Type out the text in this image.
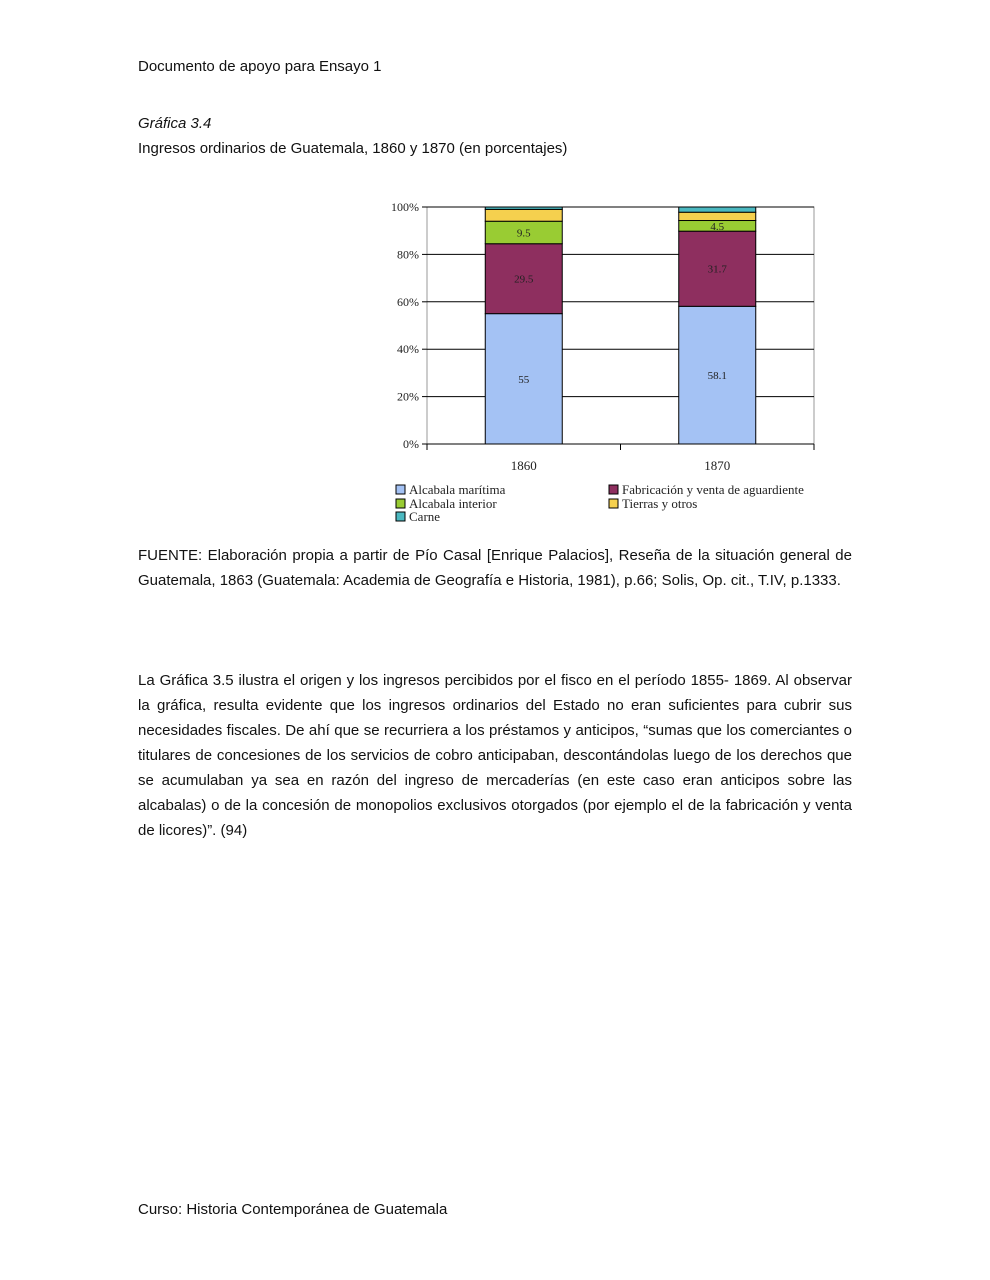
Documento de apoyo para Ensayo 1
Gráfica 3.4
Ingresos ordinarios de Guatemala, 1860 y 1870 (en porcentajes)
0%
20%
40%
60%
80%
100%
55
29.5
9.5
1860
58.1
31.7
4.5
1870
Alcabala marítima	Fabricación y venta de aguardiente
Alcabala interior	Tierras y otros
Carne
FUENTE: Elaboración propia a partir de Pío Casal [Enrique Palacios], Reseña de la situación general de Guatemala, 1863 (Guatemala: Academia de Geografía e Historia, 1981), p.66; Solis, Op. cit., T.IV, p.1333.
La Gráfica 3.5 ilustra el origen y los ingresos percibidos por el fisco en el período 1855- 1869. Al observar la gráfica, resulta evidente que los ingresos ordinarios del Estado no eran suficientes para cubrir sus necesidades fiscales. De ahí que se recurriera a los préstamos y anticipos, “sumas que los comerciantes o titulares de concesiones de los servicios de cobro anticipaban, descontándolas luego de los derechos que se acumulaban ya sea en razón del ingreso de mercaderías (en este caso eran anticipos sobre las alcabalas) o de la concesión de monopolios exclusivos otorgados (por ejemplo el de la fabricación y venta de licores)”. (94)
Curso: Historia Contemporánea de Guatemala
